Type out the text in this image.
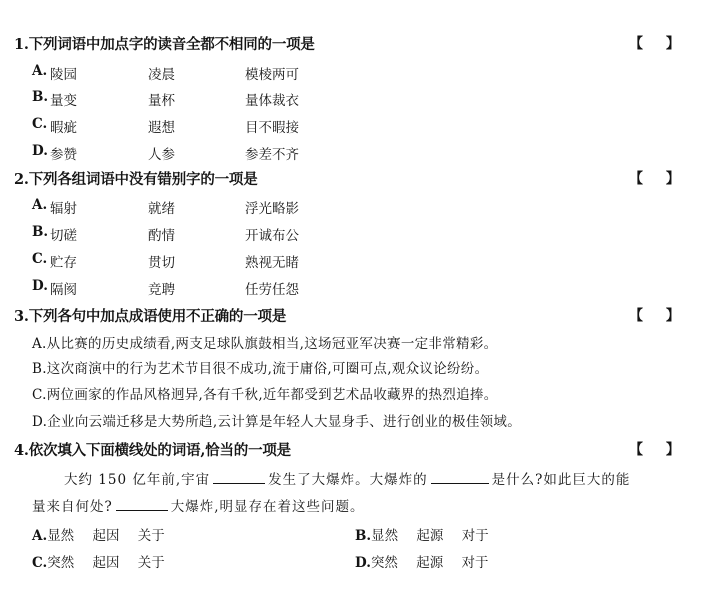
1.下列词语中加点字的读音全都不相同的一项是	【 】
A. 陵园	凌晨	模棱两可
B. 量变	量杯	量体裁衣
C. 暇疵	遐想	目不暇接
D. 参赞	人参	参差不齐
2.下列各组词语中没有错别字的一项是	【 】
A. 辐射	就绪	浮光略影
B. 切磋	酌情	开诚布公
C. 贮存	贯切	熟视无睹
D. 隔阂	竞聘	任劳任怨
3.下列各句中加点成语使用不正确的一项是	【 】
A.从比赛的历史成绩看,两支足球队旗鼓相当,这场冠亚军决赛一定非常精彩。
B.这次商演中的行为艺术节目很不成功,流于庸俗,可圈可点,观众议论纷纷。
C.两位画家的作品风格迥异,各有千秋,近年都受到艺术品收藏界的热烈追捧。
D.企业向云端迁移是大势所趋,云计算是年轻人大显身手、进行创业的极佳领域。
4.依次填入下面横线处的词语,恰当的一项是	【 】
大约 150 亿年前,宇宙	发生了大爆炸。大爆炸的	是什么?如此巨大的能
量来自何处?	大爆炸,明显存在着这些问题。
A.显然 起因 关于	B.显然 起源 对于
C.突然 起因 关于	D.突然 起源 对于
